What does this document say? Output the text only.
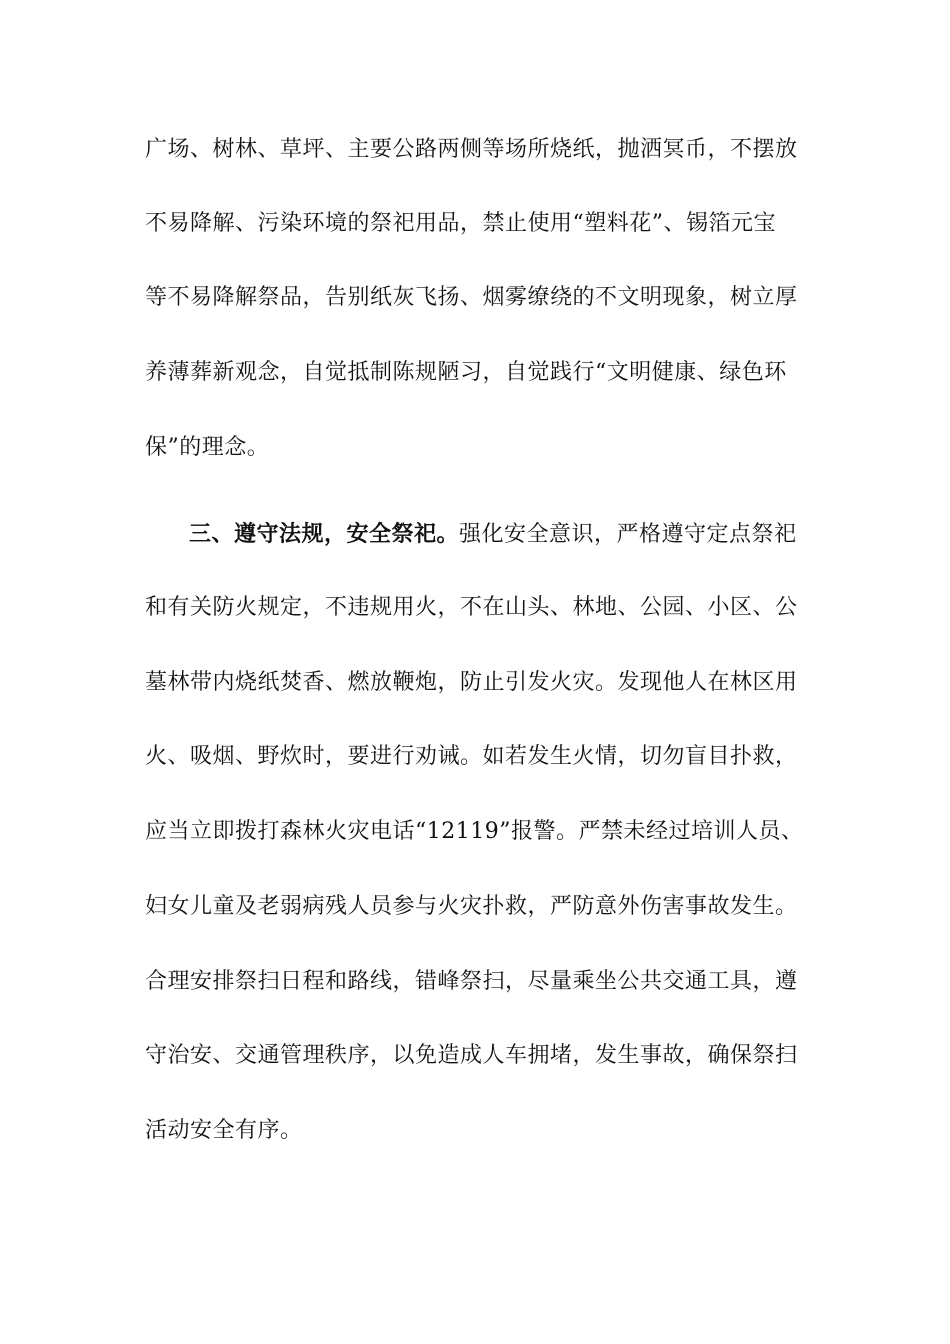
广场、树林、草坪、主要公路两侧等场所烧纸，抛洒冥币，不摆放
不易降解、污染环境的祭祀用品，禁止使用“塑料花”、锡箔元宝
等不易降解祭品，告别纸灰飞扬、烟雾缭绕的不文明现象，树立厚
养薄葬新观念，自觉抵制陈规陋习，自觉践行“文明健康、绿色环
保”的理念。
三、遵守法规，安全祭祀。强化安全意识，严格遵守定点祭祀
和有关防火规定，不违规用火，不在山头、林地、公园、小区、公
墓林带内烧纸焚香、燃放鞭炮，防止引发火灾。发现他人在林区用
火、吸烟、野炊时，要进行劝诫。如若发生火情，切勿盲目扑救，
应当立即拨打森林火灾电话“12119”报警。严禁未经过培训人员、
妇女儿童及老弱病残人员参与火灾扑救，严防意外伤害事故发生。
合理安排祭扫日程和路线，错峰祭扫，尽量乘坐公共交通工具，遵
守治安、交通管理秩序，以免造成人车拥堵，发生事故，确保祭扫
活动安全有序。
